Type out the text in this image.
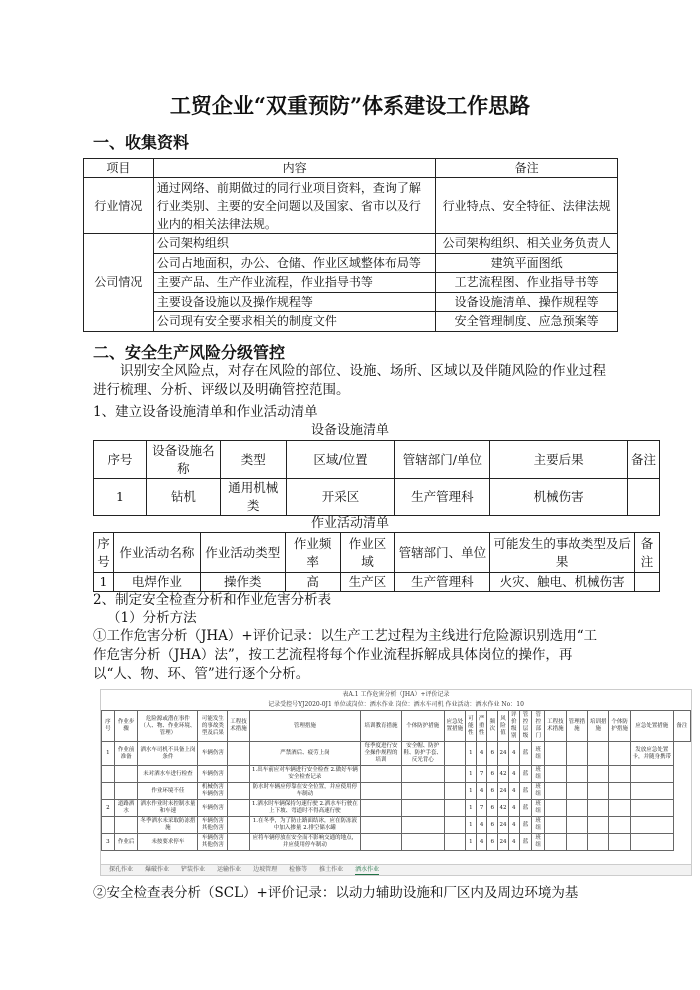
工贸企业“双重预防”体系建设工作思路
一、收集资料
项目	内容	备注
行业情况	通过网络、前期做过的同行业项目资料，查询了解行业类别、主要的安全问题以及国家、省市以及行业内的相关法律法规。	行业特点、安全特征、法律法规
公司情况	公司架构组织	公司架构组织、相关业务负责人
	公司占地面积，办公、仓储、作业区域整体布局等	建筑平面图纸
	主要产品、生产作业流程，作业指导书等	工艺流程图、作业指导书等
	主要设备设施以及操作规程等	设备设施清单、操作规程等
	公司现有安全要求相关的制度文件	安全管理制度、应急预案等
二、安全生产风险分级管控
识别安全风险点，对存在风险的部位、设施、场所、区域以及伴随风险的作业过程进行梳理、分析、评级以及明确管控范围。
1、建立设备设施清单和作业活动清单
设备设施清单
序号	设备设施名称	类型	区域/位置	管辖部门/单位	主要后果	备注
1	钻机	通用机械类	开采区	生产管理科	机械伤害	
作业活动清单
序号	作业活动名称	作业活动类型	作业频率	作业区域	管辖部门、单位	可能发生的事故类型及后果	备注
1	电焊作业	操作类	高	生产区	生产管理科	火灾、触电、机械伤害	
2、制定安全检查分析和作业危害分析表
（1）分析方法
①工作危害分析（JHA）+评价记录：以生产工艺过程为主线进行危险源识别选用“工作危害分析（JHA）法”，按工艺流程将每个作业流程拆解成具体岗位的操作，再以“人、物、环、管”进行逐个分析。
表A.1 工作危害分析（JHA）+评价记录
记录受控号YJ2020-0J1 单位或岗位：洒水作业 岗位：洒水车司机 作业活动：洒水作业 No：10
序号	作业步骤	危险源或潜在事件（人、物、作业环境、管理）	可能发生的事故类型及后果	工程技术措施	管理措施	培训教育措施	个体防护措施	应急处置措施	可能性	严重性	频次	风险值	评价级别	管控层级	管控部门	工程技术措施	管理措施	培训措施	个体防护措施	应急处置措施	备注
1	作业前准备	洒水车司机不具备上岗条件	车辆伤害		严禁酒后、疲劳上岗	每季度进行安全操作规程的培训	安全帽、防护鞋、防护手套、反光背心		1	4	6	24	4	蓝	班组					发放应急处置卡，并随身携带	
		未对洒水车进行检查	车辆伤害		1.出车前应对车辆进行安全检查 2.做好车辆安全检查记录				1	7	6	42	4	蓝	班组						
		作业环境不佳	机械伤害 车辆伤害		防水时车辆应停靠在安全位置，并应使用停车制动				1	4	6	24	4	蓝	班组						
2	道路洒水	洒水作业时未控制水量和车速	车辆伤害		1.洒水时车辆保持匀速行驶 2.洒水车行驶在上下坡、弯道时不得高速行驶				1	7	6	42	4	蓝	班组						
		冬季洒水未采取防冻措施	车辆伤害 其他伤害		1.在冬季，为了防止路面结冰，应在防冻液中加入掺量 2.排空储水罐				1	4	6	24	4	蓝	班组						
3	作业后	未按要求停车	车辆伤害 其他伤害		应将车辆停放在安全而不影响交通的地点，并应使用停车制动				1	4	6	24	4	蓝	班组						
探孔作业 爆破作业 铲装作业 运输作业 边坡管理 检修等 推土作业 洒水作业
②安全检查表分析（SCL）+评价记录：以动力辅助设施和厂区内及周边环境为基
